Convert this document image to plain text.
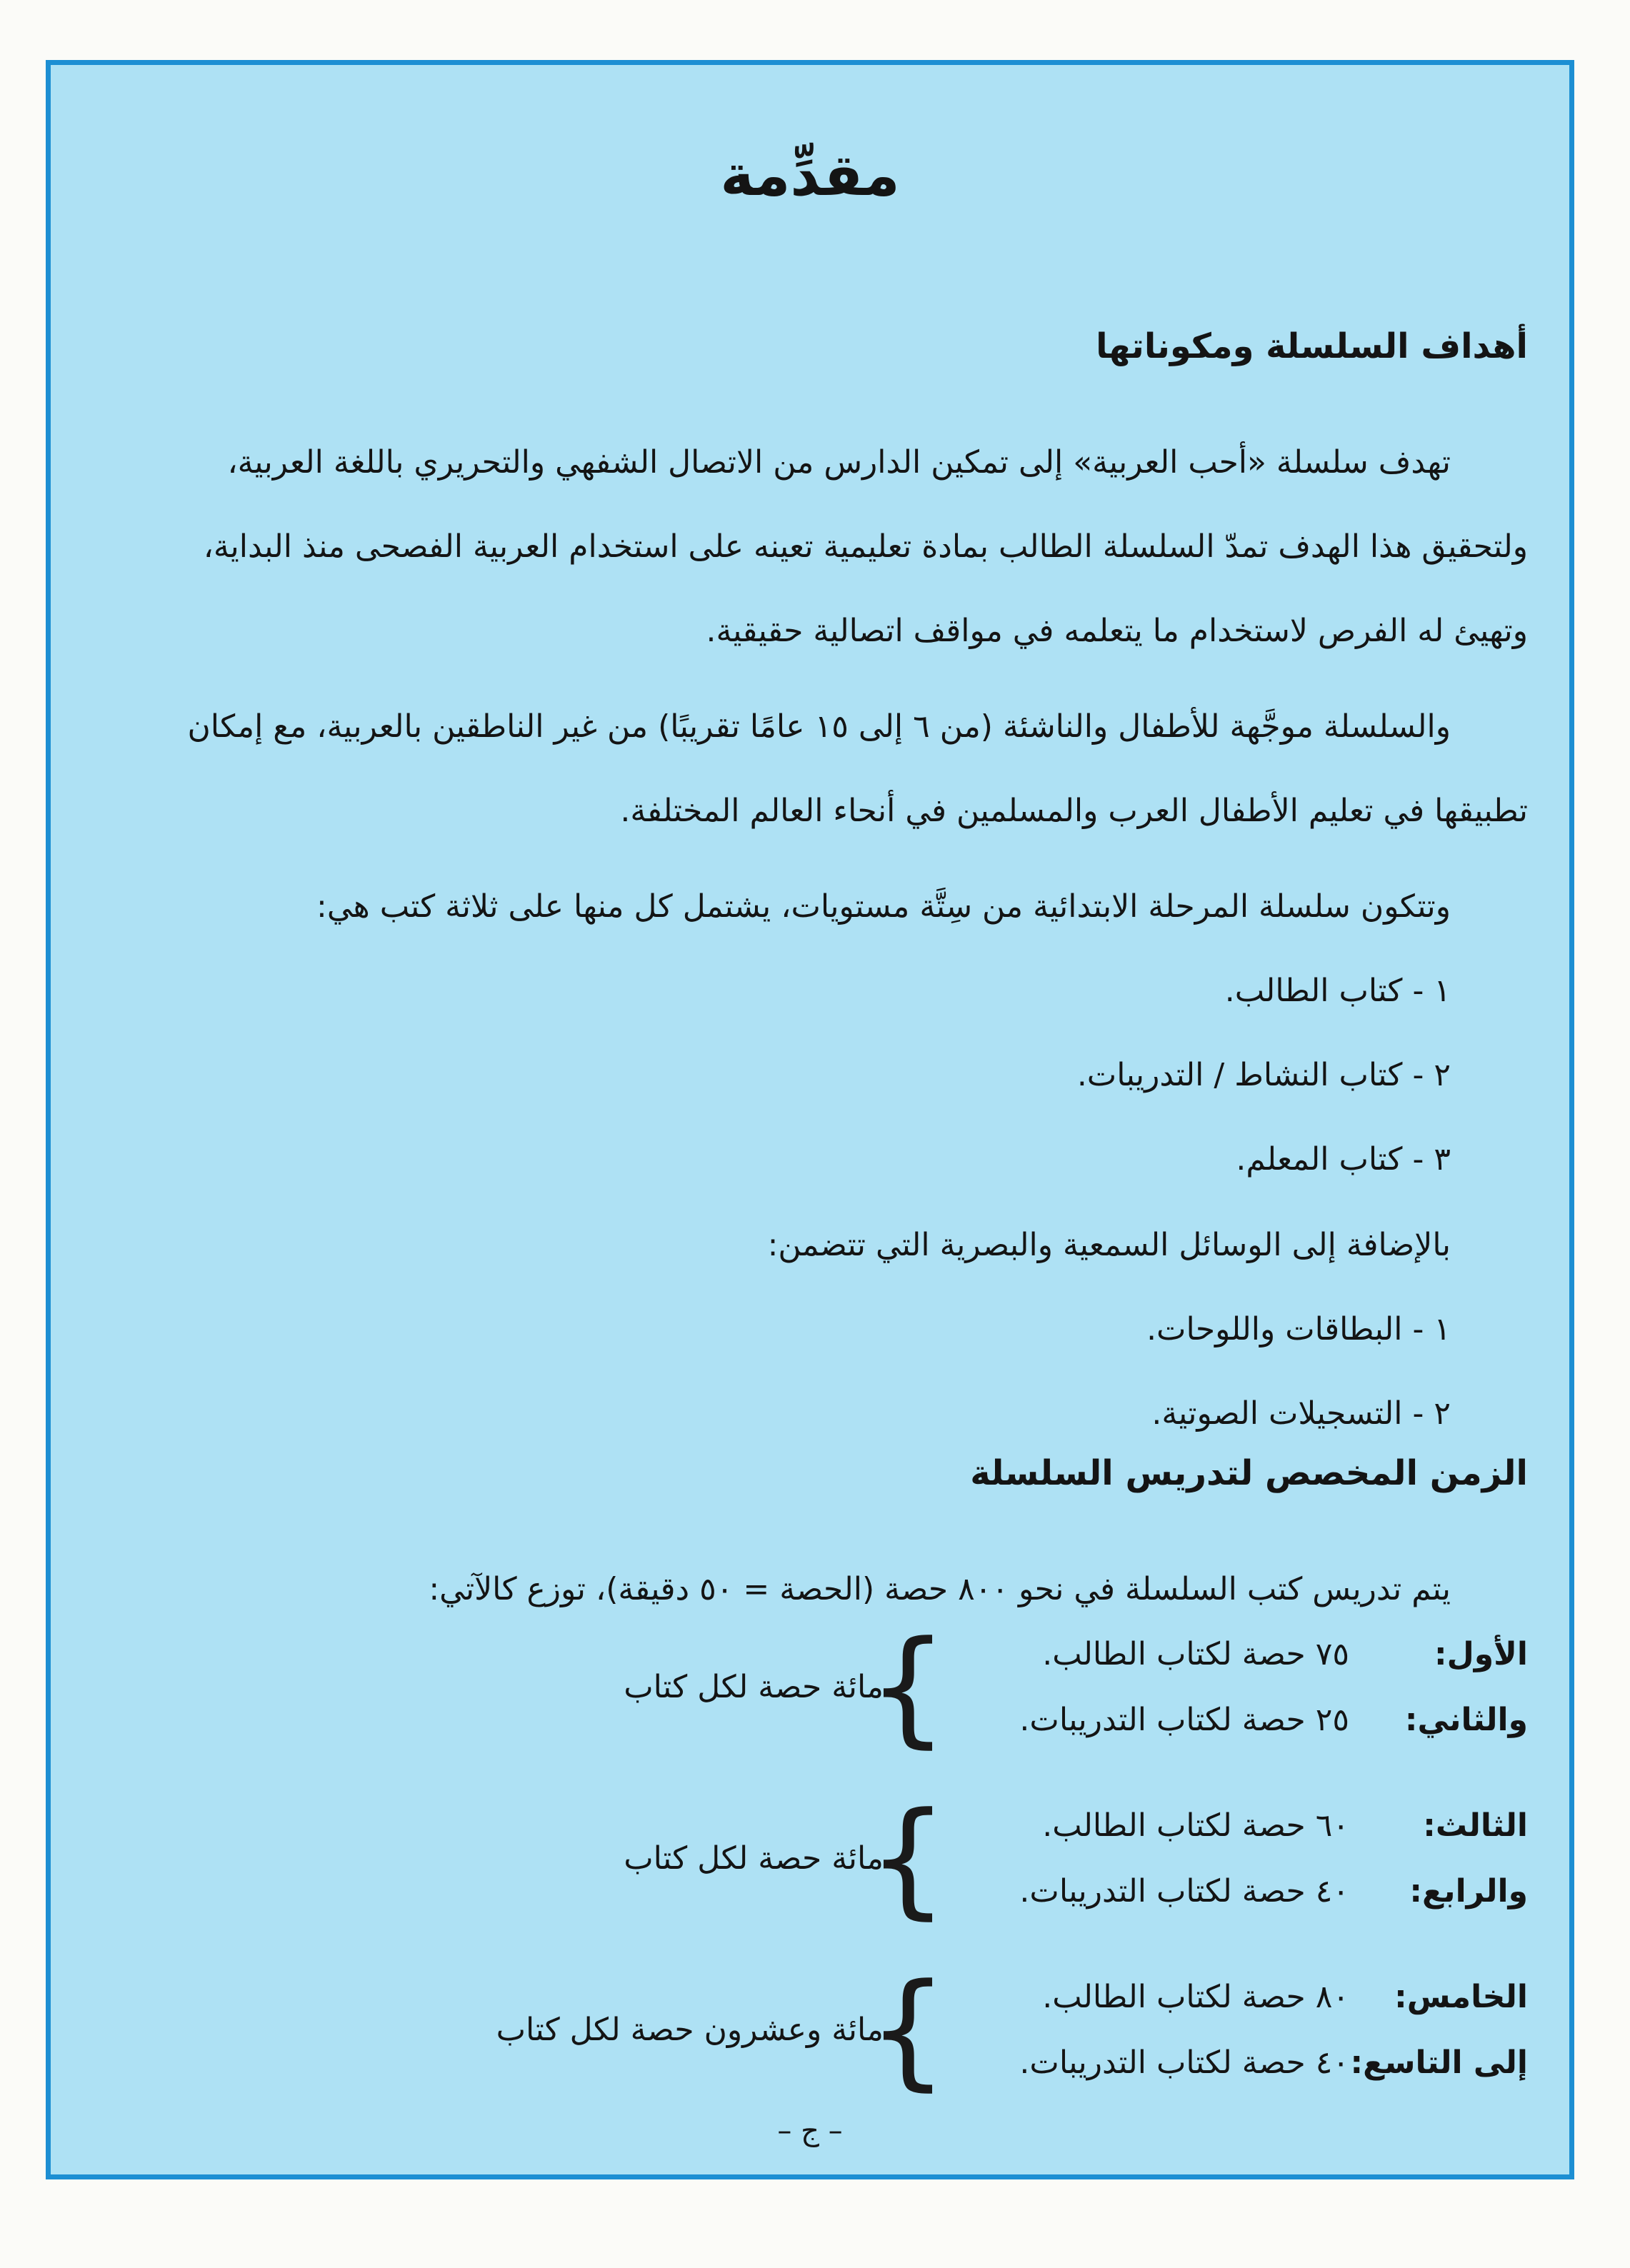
مقدِّمة
أهداف السلسلة ومكوناتها

تهدف سلسلة «أحب العربية» إلى تمكين الدارس من الاتصال الشفهي والتحريري باللغة العربية،

ولتحقيق هذا الهدف تمدّ السلسلة الطالب بمادة تعليمية تعينه على استخدام العربية الفصحى منذ البداية،

وتهيئ له الفرص لاستخدام ما يتعلمه في مواقف اتصالية حقيقية.

والسلسلة موجَّهة للأطفال والناشئة (من ٦ إلى ١٥ عامًا تقريبًا) من غير الناطقين بالعربية، مع إمكان

تطبيقها في تعليم الأطفال العرب والمسلمين في أنحاء العالم المختلفة.

وتتكون سلسلة المرحلة الابتدائية من سِتَّة مستويات، يشتمل كل منها على ثلاثة كتب هي:

١ - كتاب الطالب.

٢ - كتاب النشاط / التدريبات.

٣ - كتاب المعلم.

بالإضافة إلى الوسائل السمعية والبصرية التي تتضمن:

١ - البطاقات واللوحات.

٢ - التسجيلات الصوتية.

الزمن المخصص لتدريس السلسلة

يتم تدريس كتب السلسلة في نحو ٨٠٠ حصة (الحصة = ٥٠ دقيقة)، توزع كالآتي:

الأول:
٧٥ حصة لكتاب الطالب.
والثاني:
٢٥ حصة لكتاب التدريبات.
}
مائة حصة لكل كتاب
الثالث:
٦٠ حصة لكتاب الطالب.
والرابع:
٤٠ حصة لكتاب التدريبات.
}
مائة حصة لكل كتاب
الخامس:
٨٠ حصة لكتاب الطالب.
إلى التاسع:
٤٠ حصة لكتاب التدريبات.
}
مائة وعشرون حصة لكل كتاب
– ج –
